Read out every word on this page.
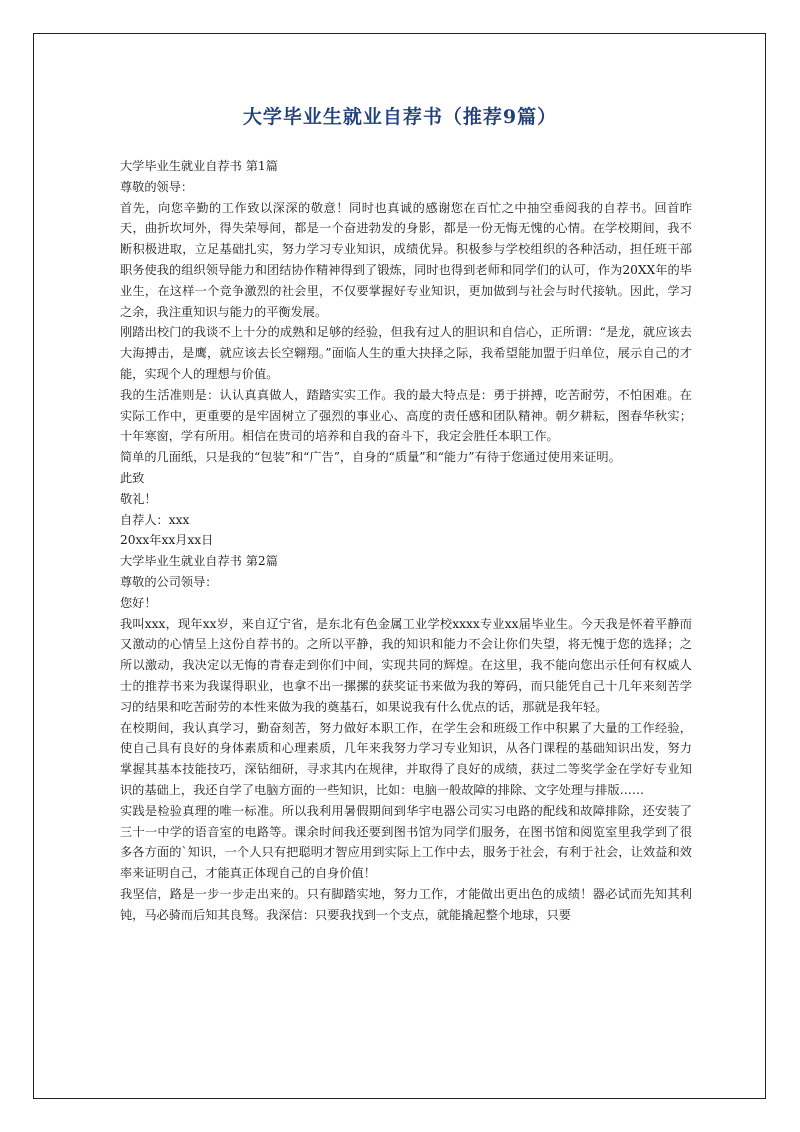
大学毕业生就业自荐书（推荐9篇）

大学毕业生就业自荐书 第1篇

尊敬的领导：

首先，向您辛勤的工作致以深深的敬意！同时也真诚的感谢您在百忙之中抽空垂阅我的自荐书。回首昨天，曲折坎坷外，得失荣辱间，都是一个奋进勃发的身影，都是一份无悔无愧的心情。在学校期间，我不断积极进取，立足基础扎实，努力学习专业知识，成绩优异。积极参与学校组织的各种活动，担任班干部职务使我的组织领导能力和团结协作精神得到了锻炼，同时也得到老师和同学们的认可，作为20XX年的毕业生，在这样一个竞争激烈的社会里，不仅要掌握好专业知识，更加做到与社会与时代接轨。因此，学习之余，我注重知识与能力的平衡发展。

刚踏出校门的我谈不上十分的成熟和足够的经验，但我有过人的胆识和自信心，正所谓：“是龙，就应该去大海搏击，是鹰，就应该去长空翱翔。”面临人生的重大抉择之际，我希望能加盟于归单位，展示自己的才能，实现个人的理想与价值。

我的生活准则是：认认真真做人，踏踏实实工作。我的最大特点是：勇于拼搏，吃苦耐劳，不怕困难。在实际工作中，更重要的是牢固树立了强烈的事业心、高度的责任感和团队精神。朝夕耕耘，图春华秋实；十年寒窗，学有所用。相信在贵司的培养和自我的奋斗下，我定会胜任本职工作。

简单的几面纸，只是我的“包装”和“广告”，自身的“质量”和“能力”有待于您通过使用来证明。

此致

敬礼！

自荐人：xxx

20xx年xx月xx日

大学毕业生就业自荐书 第2篇

尊敬的公司领导：

您好！

我叫xxx，现年xx岁，来自辽宁省，是东北有色金属工业学校xxxx专业xx届毕业生。今天我是怀着平静而又激动的心情呈上这份自荐书的。之所以平静，我的知识和能力不会让你们失望，将无愧于您的选择；之所以激动，我决定以无悔的青春走到你们中间，实现共同的辉煌。在这里，我不能向您出示任何有权威人士的推荐书来为我谋得职业，也拿不出一摞摞的获奖证书来做为我的筹码，而只能凭自己十几年来刻苦学习的结果和吃苦耐劳的本性来做为我的奠基石，如果说我有什么优点的话，那就是我年轻。

在校期间，我认真学习，勤奋刻苦，努力做好本职工作，在学生会和班级工作中积累了大量的工作经验，使自己具有良好的身体素质和心理素质，几年来我努力学习专业知识，从各门课程的基础知识出发，努力掌握其基本技能技巧，深钻细研，寻求其内在规律，并取得了良好的成绩，获过二等奖学金在学好专业知识的基础上，我还自学了电脑方面的一些知识，比如：电脑一般故障的排除、文字处理与排版……

实践是检验真理的唯一标准。所以我利用暑假期间到华宇电器公司实习电路的配线和故障排除，还安装了三十一中学的语音室的电路等。课余时间我还要到图书馆为同学们服务，在图书馆和阅览室里我学到了很多各方面的`知识，一个人只有把聪明才智应用到实际上工作中去，服务于社会，有利于社会，让效益和效率来证明自己，才能真正体现自己的自身价值！

我坚信，路是一步一步走出来的。只有脚踏实地，努力工作，才能做出更出色的成绩！器必试而先知其利钝，马必骑而后知其良驽。我深信：只要我找到一个支点，就能撬起整个地球，只要
